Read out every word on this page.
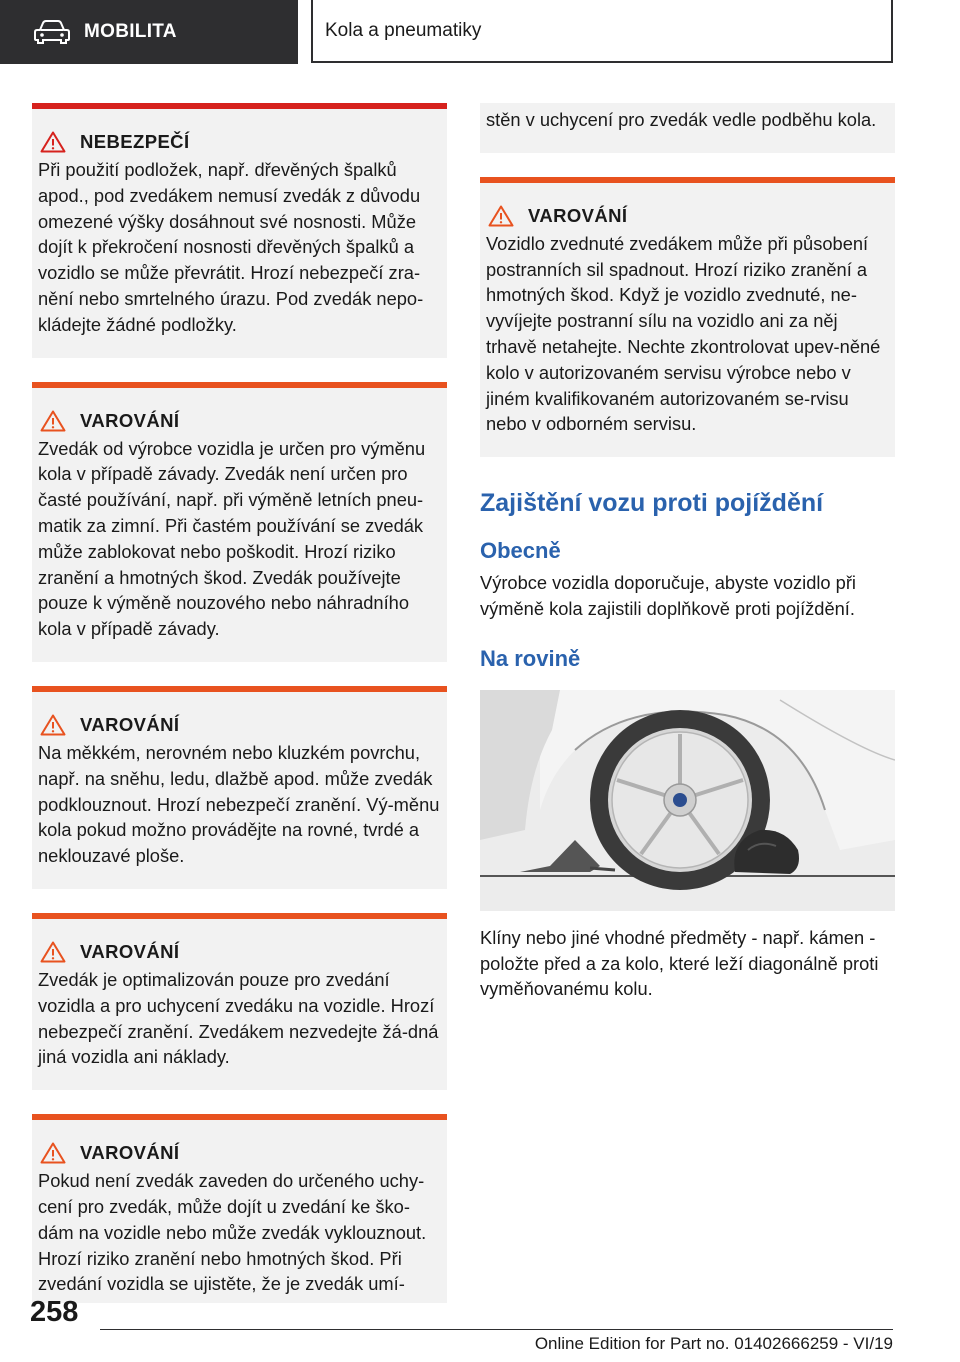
MOBILITA	Kola a pneumatiky
NEBEZPEČÍ

Při použití podložek, např. dřevěných špalků apod., pod zvedákem nemusí zvedák z důvodu omezené výšky dosáhnout své nosnosti. Může dojít k překročení nosnosti dřevěných špalků a vozidlo se může převrátit. Hrozí nebezpečí zra-nění nebo smrtelného úrazu. Pod zvedák nepo-kládejte žádné podložky.

VAROVÁNÍ

Zvedák od výrobce vozidla je určen pro výměnu kola v případě závady. Zvedák není určen pro časté používání, např. při výměně letních pneu-matik za zimní. Při častém používání se zvedák může zablokovat nebo poškodit. Hrozí riziko zranění a hmotných škod. Zvedák používejte pouze k výměně nouzového nebo náhradního kola v případě závady.

VAROVÁNÍ

Na měkkém, nerovném nebo kluzkém povrchu, např. na sněhu, ledu, dlažbě apod. může zvedák podklouznout. Hrozí nebezpečí zranění. Vý-měnu kola pokud možno provádějte na rovné, tvrdé a neklouzavé ploše.

VAROVÁNÍ

Zvedák je optimalizován pouze pro zvedání vozidla a pro uchycení zvedáku na vozidle. Hrozí nebezpečí zranění. Zvedákem nezvedejte žá-dná jiná vozidla ani náklady.

VAROVÁNÍ

Pokud není zvedák zaveden do určeného uchy-cení pro zvedák, může dojít u zvedání ke ško-dám na vozidle nebo může zvedák vyklouznout. Hrozí riziko zranění nebo hmotných škod. Při zvedání vozidla se ujistěte, že je zvedák umí-

stěn v uchycení pro zvedák vedle podběhu kola.

VAROVÁNÍ

Vozidlo zvednuté zvedákem může při působení postranních sil spadnout. Hrozí riziko zranění a hmotných škod. Když je vozidlo zvednuté, ne-vyvíjejte postranní sílu na vozidlo ani za něj trhavě netahejte. Nechte zkontrolovat upev-něné kolo v autorizovaném servisu výrobce nebo v jiném kvalifikovaném autorizovaném se-rvisu nebo v odborném servisu.

Zajištění vozu proti pojíždění
Obecně

Výrobce vozidla doporučuje, abyste vozidlo při výměně kola zajistili doplňkově proti pojíždění.

Na rovině

Klíny nebo jiné vhodné předměty - např. kámen - položte před a za kolo, které leží diagonálně proti vyměňovanému kolu.

258
Online Edition for Part no. 01402666259 - VI/19
